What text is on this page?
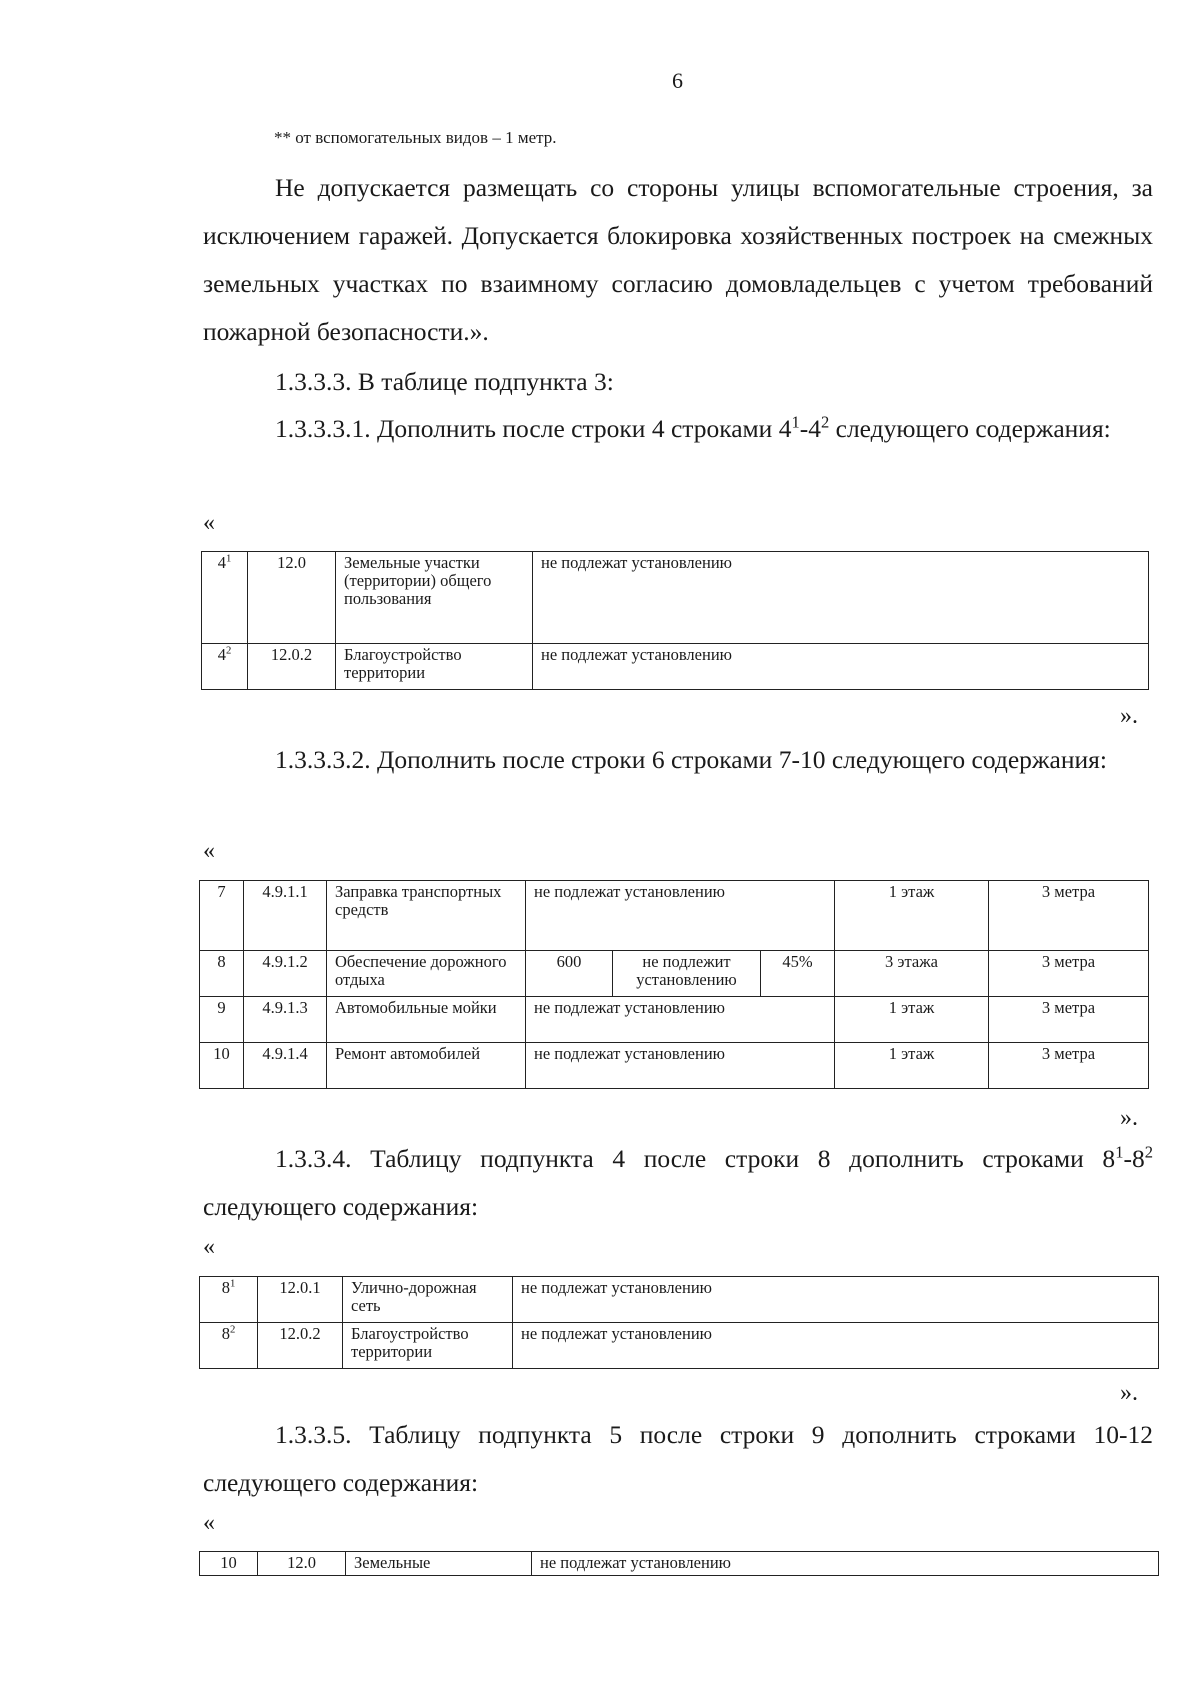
6
** от вспомогательных видов – 1 метр.
Не допускается размещать со стороны улицы вспомогательные строения, за исключением гаражей. Допускается блокировка хозяйственных построек на смежных земельных участках по взаимному согласию домовладельцев с учетом требований пожарной безопасности.».
1.3.3.3. В таблице подпункта 3:
1.3.3.3.1. Дополнить после строки 4 строками $4^1-4^2$ следующего содержания:
«
$4^1$	12.0	Земельные участки (территории) общего пользования	не подлежат установлению
$4^2$	12.0.2	Благоустройство территории	не подлежат установлению
».
1.3.3.3.2. Дополнить после строки 6 строками 7-10 следующего содержания:
«
7	4.9.1.1	Заправка транспортных средств	не подлежат установлению			1 этаж	3 метра
8	4.9.1.2	Обеспечение дорожного отдыха	600	не подлежит установлению	45%	3 этажа	3 метра
9	4.9.1.3	Автомобильные мойки	не подлежат установлению			1 этаж	3 метра
10	4.9.1.4	Ремонт автомобилей	не подлежат установлению			1 этаж	3 метра
».
1.3.3.4. Таблицу подпункта 4 после строки 8 дополнить строками $8^1-8^2$ следующего содержания:
«
$8^1$	12.0.1	Улично-дорожная сеть	не подлежат установлению
$8^2$	12.0.2	Благоустройство территории	не подлежат установлению
».
1.3.3.5. Таблицу подпункта 5 после строки 9 дополнить строками 10-12 следующего содержания:
«
10	12.0	Земельные	не подлежат установлению
